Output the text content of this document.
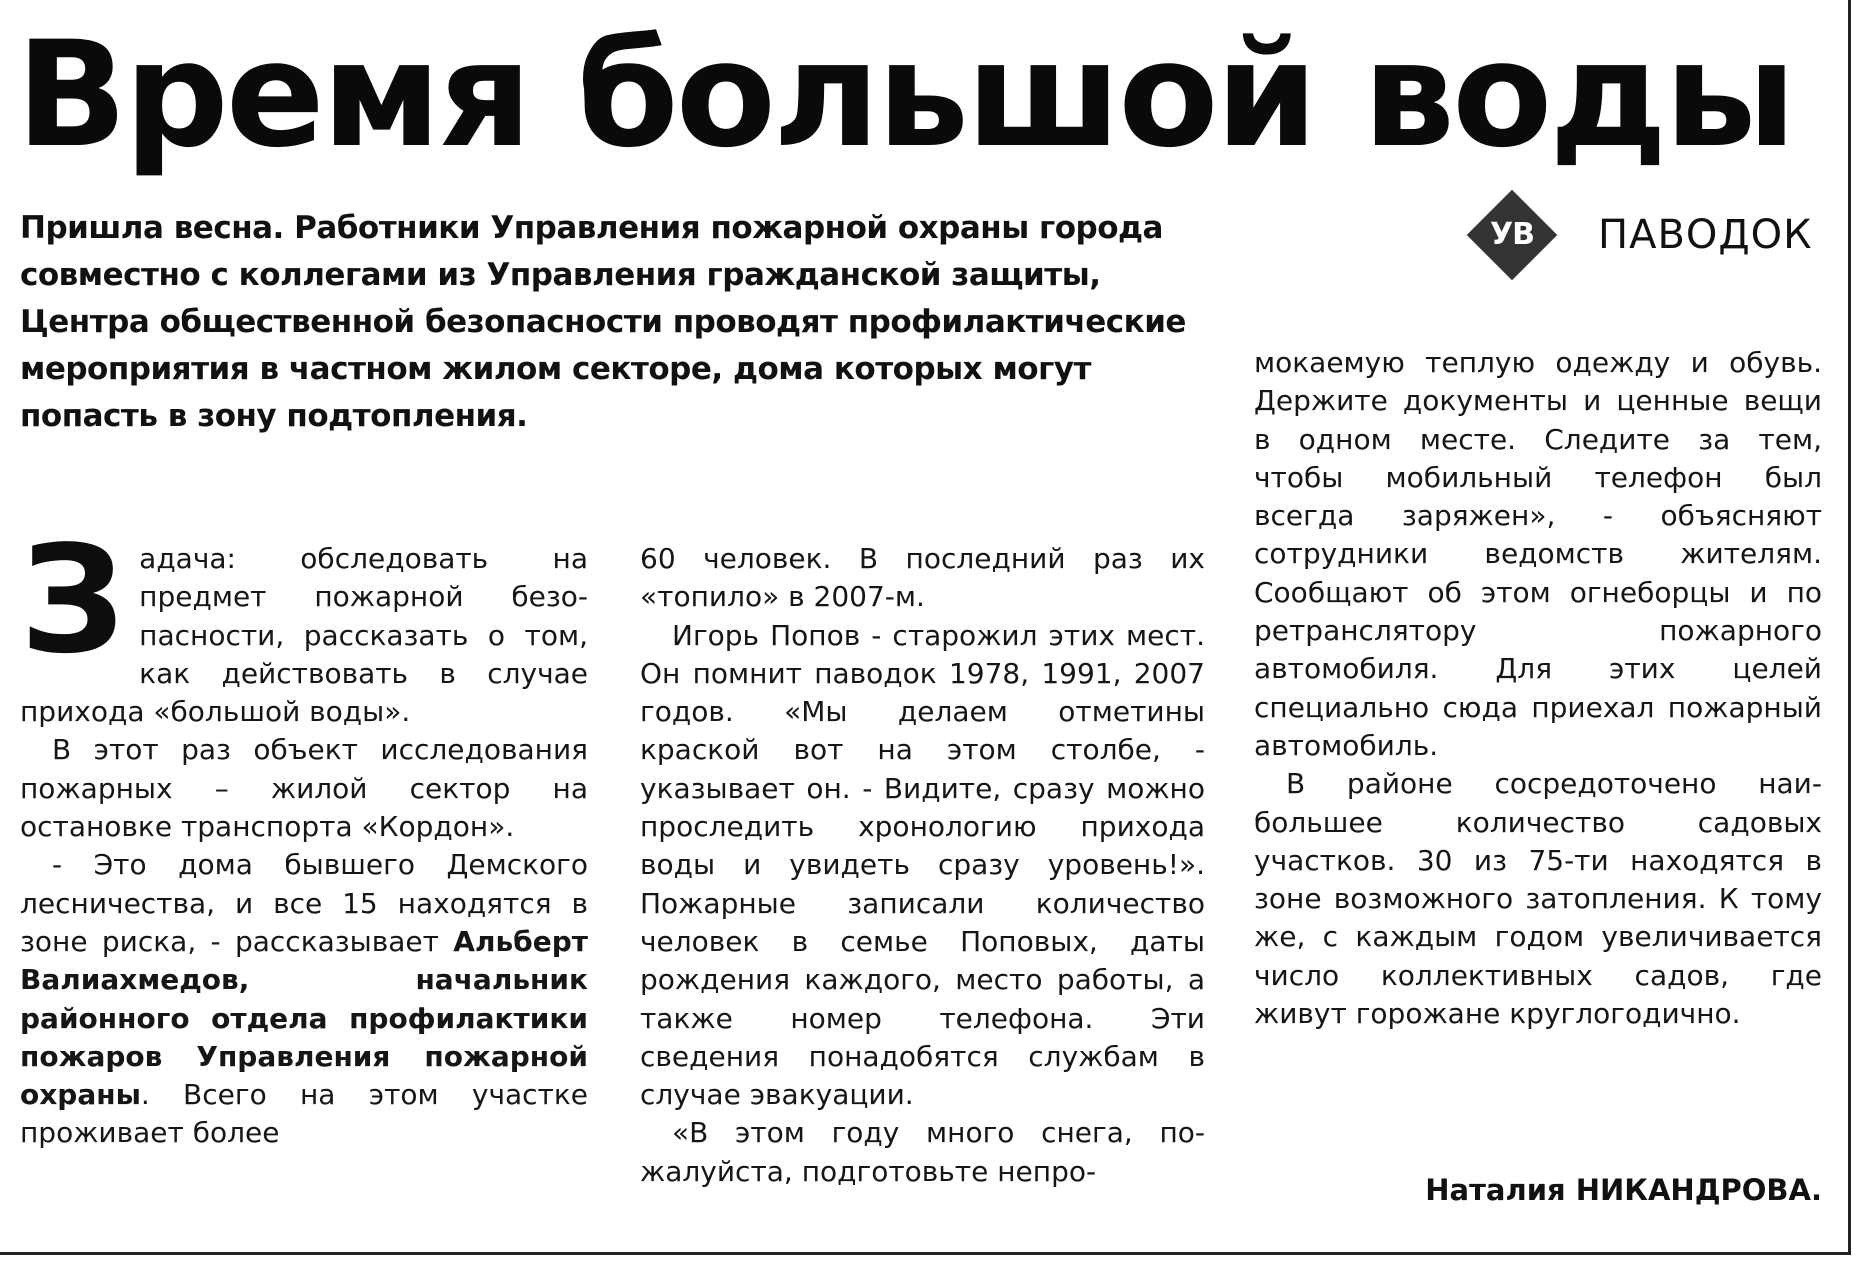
Время большой воды
Пришла весна. Работники Управления пожарной охраны города совместно с коллегами из Управления гражданской защиты, Центра общественной безопасности проводят профилактические мероприятия в частном жилом секторе, дома которых могут попасть в зону подтопления.
УВ	ПАВОДОК

Задача: обследовать на предмет пожарной безопасности, рассказать о том, как действовать в случае прихода «большой воды».

В этот раз объект исследования пожарных – жилой сектор на остановке транспорта «Кордон».

- Это дома бывшего Демского лесничества, и все 15 находятся в зоне риска, - рассказывает Альберт Валиахмедов, начальник районного отдела профилактики пожаров Управления пожарной охраны. Всего на этом участке проживает более

60 человек. В последний раз их «топило» в 2007-м.

Игорь Попов - старожил этих мест. Он помнит паводок 1978, 1991, 2007 годов. «Мы делаем отметины краской вот на этом столбе, - указывает он. - Видите, сразу можно проследить хронологию прихода воды и увидеть сразу уровень!». Пожарные записали количество человек в семье Поповых, даты рождения каждого, место работы, а также номер телефона. Эти сведения понадобятся службам в случае эвакуации.

«В этом году много снега, пожалуйста, подготовьте непро-

мокаемую теплую одежду и обувь. Держите документы и ценные вещи в одном месте. Следите за тем, чтобы мобильный телефон был всегда заряжен», - объясняют сотрудники ведомств жителям. Сообщают об этом огнеборцы и по ретранслятору пожарного автомобиля. Для этих целей специально сюда приехал пожарный автомобиль.

В районе сосредоточено наибольшее количество садовых участков. 30 из 75-ти находятся в зоне возможного затопления. К тому же, с каждым годом увеличивается число коллективных садов, где живут горожане круглогодично.

Наталия НИКАНДРОВА.
